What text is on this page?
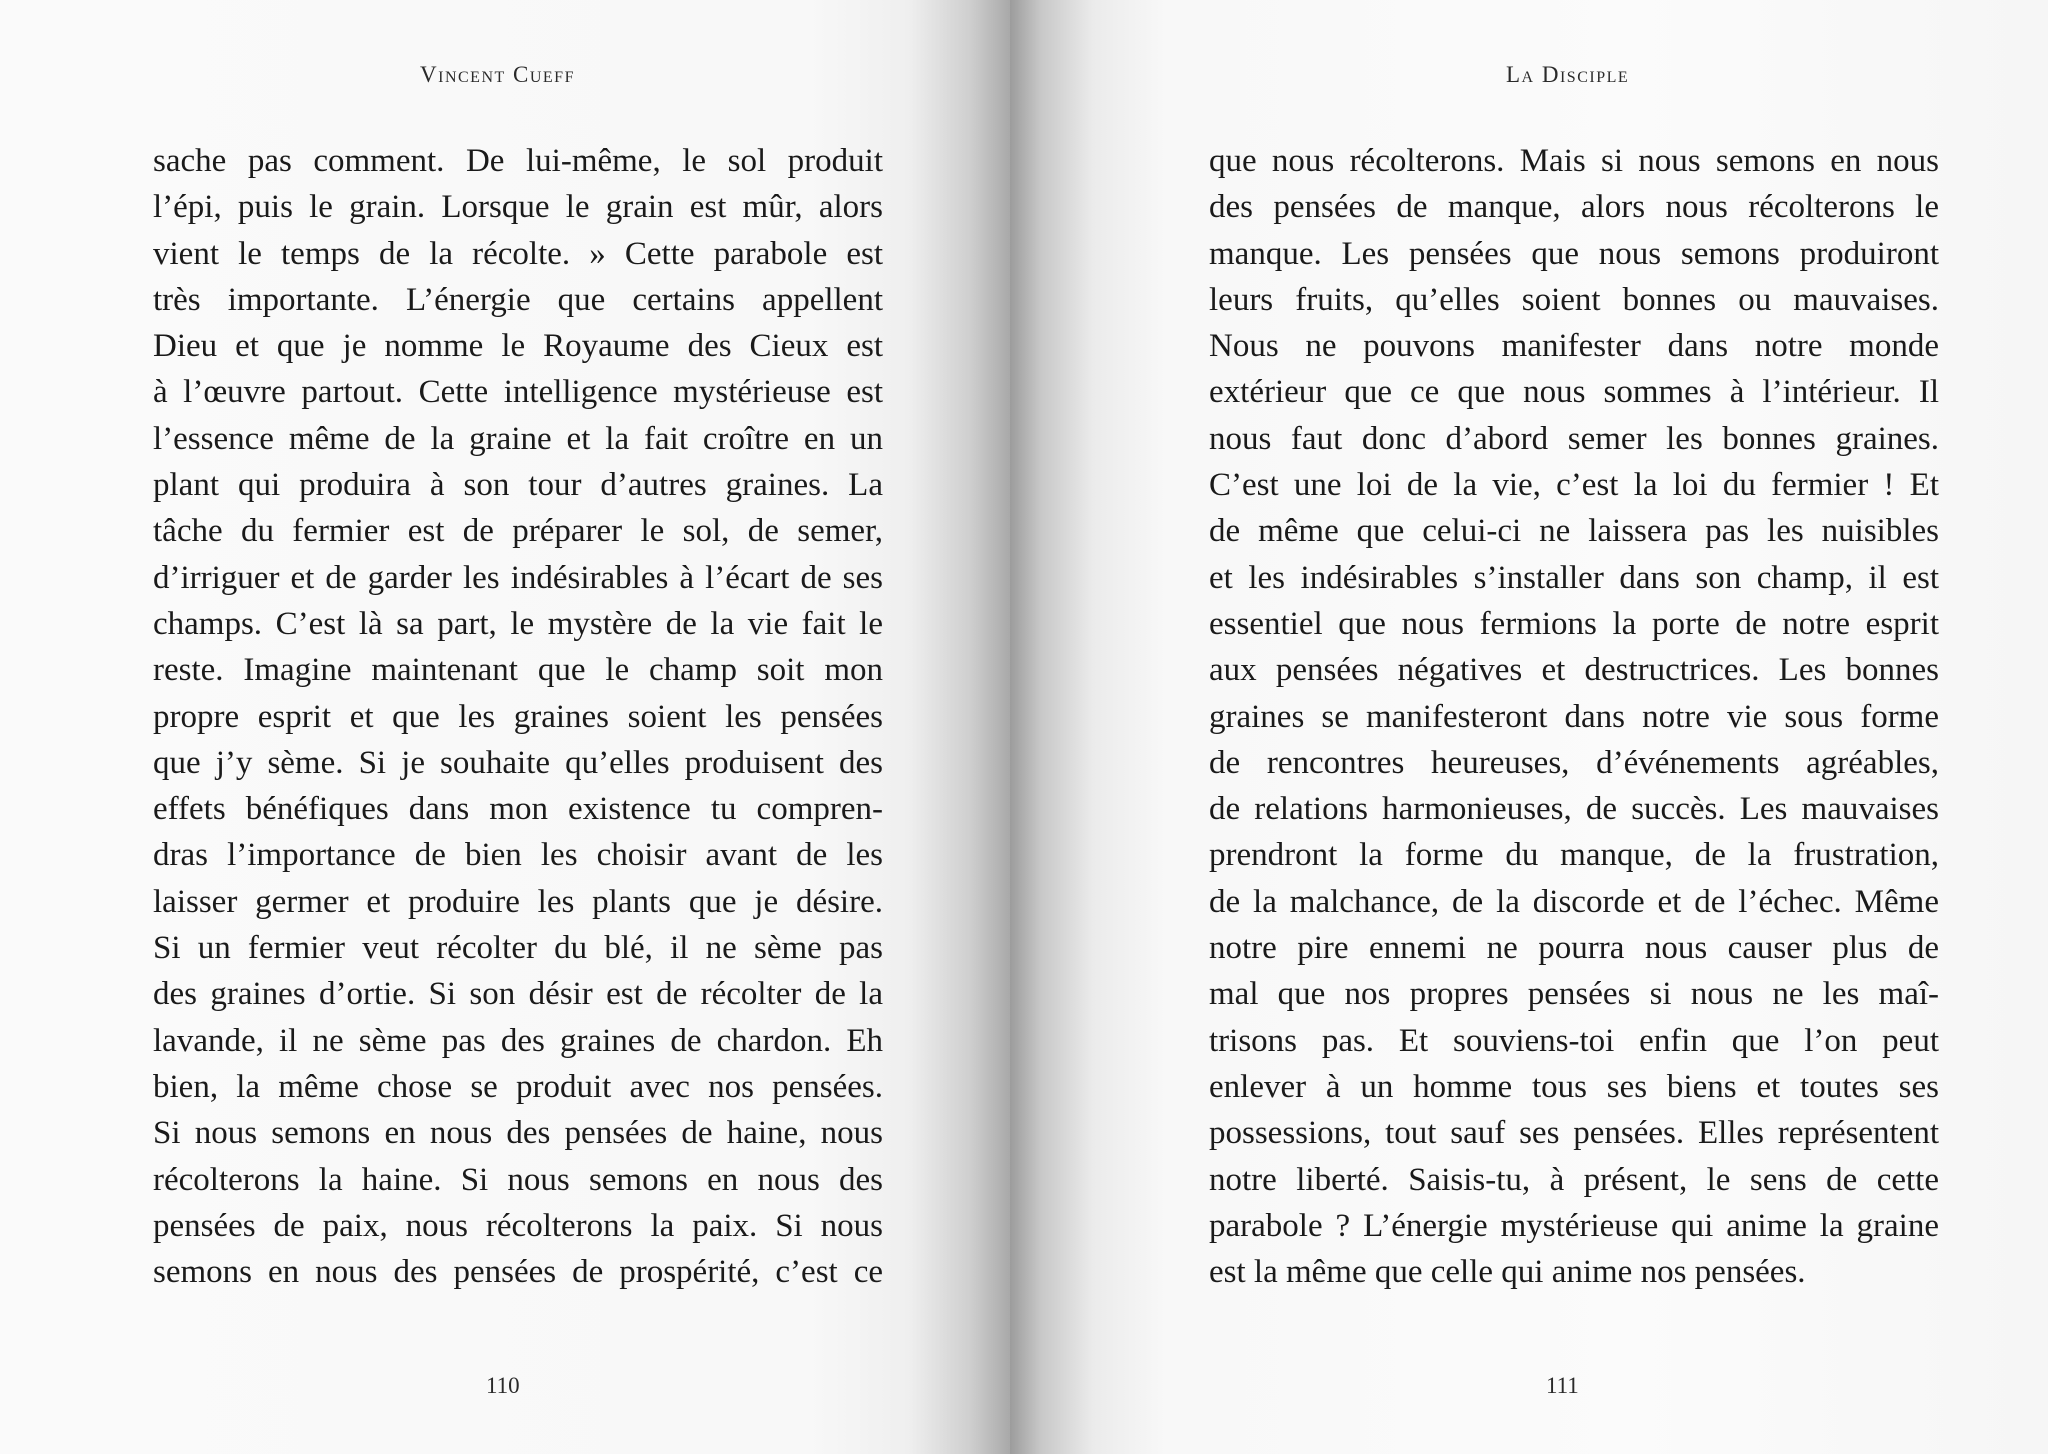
Vincent Cueff
sache pas comment. De lui-même, le sol produit
l’épi, puis le grain. Lorsque le grain est mûr, alors
vient le temps de la récolte. » Cette parabole est
très importante. L’énergie que certains appellent
Dieu et que je nomme le Royaume des Cieux est
à l’œuvre partout. Cette intelligence mystérieuse est
l’essence même de la graine et la fait croître en un
plant qui produira à son tour d’autres graines. La
tâche du fermier est de préparer le sol, de semer,
d’irriguer et de garder les indésirables à l’écart de ses
champs. C’est là sa part, le mystère de la vie fait le
reste. Imagine maintenant que le champ soit mon
propre esprit et que les graines soient les pensées
que j’y sème. Si je souhaite qu’elles produisent des
effets bénéfiques dans mon existence tu compren-
dras l’importance de bien les choisir avant de les
laisser germer et produire les plants que je désire.
Si un fermier veut récolter du blé, il ne sème pas
des graines d’ortie. Si son désir est de récolter de la
lavande, il ne sème pas des graines de chardon. Eh
bien, la même chose se produit avec nos pensées.
Si nous semons en nous des pensées de haine, nous
récolterons la haine. Si nous semons en nous des
pensées de paix, nous récolterons la paix. Si nous
semons en nous des pensées de prospérité, c’est ce
110
La Disciple
que nous récolterons. Mais si nous semons en nous
des pensées de manque, alors nous récolterons le
manque. Les pensées que nous semons produiront
leurs fruits, qu’elles soient bonnes ou mauvaises.
Nous ne pouvons manifester dans notre monde
extérieur que ce que nous sommes à l’intérieur. Il
nous faut donc d’abord semer les bonnes graines.
C’est une loi de la vie, c’est la loi du fermier ! Et
de même que celui-ci ne laissera pas les nuisibles
et les indésirables s’installer dans son champ, il est
essentiel que nous fermions la porte de notre esprit
aux pensées négatives et destructrices. Les bonnes
graines se manifesteront dans notre vie sous forme
de rencontres heureuses, d’événements agréables,
de relations harmonieuses, de succès. Les mauvaises
prendront la forme du manque, de la frustration,
de la malchance, de la discorde et de l’échec. Même
notre pire ennemi ne pourra nous causer plus de
mal que nos propres pensées si nous ne les maî-
trisons pas. Et souviens-toi enfin que l’on peut
enlever à un homme tous ses biens et toutes ses
possessions, tout sauf ses pensées. Elles représentent
notre liberté. Saisis-tu, à présent, le sens de cette
parabole ? L’énergie mystérieuse qui anime la graine
est la même que celle qui anime nos pensées.
111
